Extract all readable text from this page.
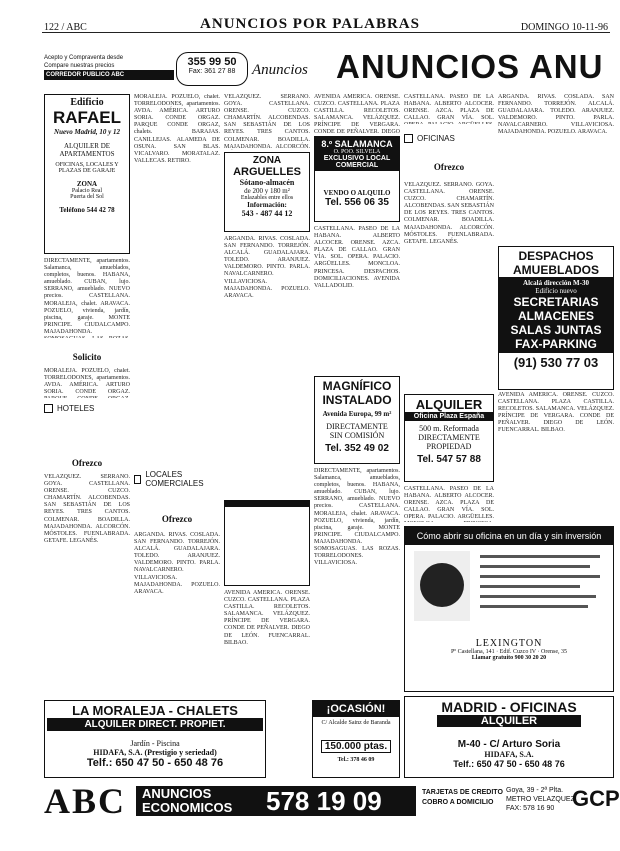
122 / ABC	ANUNCIOS POR PALABRAS	DOMINGO 10-11-96
Acepto y Compraventa desde
Compare nuestras precios
CORREDOR PUBLICO ABC
355 99 50
Fax: 361 27 88	Anuncios ANUNCIOS ANU
Edificio
RAFAEL
Nuevo Madrid, 10 y 12
ALQUILER DE
APARTAMENTOS
OFICINAS, LOCALES Y PLAZAS DE GARAJE
ZONA
Palacio Real
Puerta del Sol
Teléfono 544 42 78
DIRECTAMENTE, apartamentos. Salamanca, amueblados, completos, buenos. HABANA, amueblado. CUBAN, lujo. SERRANO, amueblado. NUEVO precios. CASTELLANA. MORALEJA, chalet. ARAVACA. POZUELO, vivienda, jardín, piscina, garaje. MONTE PRINCIPE. CIUDALCAMPO. MAJADAHONDA.
Solicito
MORALEJA. POZUELO, chalet. TORRELODONES, apartamentos. AVDA. AMÉRICA. ARTURO SORIA. CONDE ORGAZ.
HOTELES
Ofrezco
VELÁZQUEZ. SERRANO. GOYA. CASTELLANA. ORENSE. CUZCO. CHAMARTÍN. ALCOBENDAS. SAN SEBASTIÁN DE LOS REYES. TRES CANTOS. COLMENAR. BOADILLA. MAJADAHONDA. ALCORCÓN. MÓSTOLES. FUENLABRADA. GETAFE. LEGANÉS.
MORALEJA. POZUELO, chalet. TORRELODONES, apartamentos. AVDA. AMÉRICA. ARTURO SORIA. CONDE ORGAZ. PARQUE CONDE ORGAZ, chalets. BARAJAS. CANILLEJAS. ALAMEDA DE OSUNA. SAN BLAS. VICALVARO. MORATALAZ. VALLECAS. RETIRO.
LOCALES COMERCIALES
Ofrezco
ARGANDA. RIVAS. COSLADA. SAN FERNANDO. TORREJÓN. ALCALÁ. GUADALAJARA. TOLEDO. ARANJUEZ. VALDEMORO. PINTO. PARLA. NAVALCARNERO. VILLAVICIOSA. MAJADAHONDA. POZUELO. ARAVACA.
VELÁZQUEZ. SERRANO. GOYA. CASTELLANA. ORENSE. CUZCO. CHAMARTÍN. ALCOBENDAS. SAN SEBASTIÁN DE LOS REYES. TRES CANTOS. COLMENAR. BOADILLA. MAJADAHONDA. ALCORCÓN.
ZONA
ARGUELLES
Sótano-almacén
de 200 y 180 m²
Enlazables entre ellos
Información:
543 - 487 44 12
ARGANDA. RIVAS. COSLADA. SAN FERNANDO. TORREJÓN. ALCALÁ. GUADALAJARA. TOLEDO. ARANJUEZ. VALDEMORO. PINTO. PARLA. NAVALCARNERO. VILLAVICIOSA. MAJADAHONDA. POZUELO. ARAVACA.
AVENIDA AMÉRICA. ORENSE. CUZCO. CASTELLANA. PLAZA CASTILLA. RECOLETOS. SALAMANCA. VELÁZQUEZ. PRÍNCIPE DE VERGARA. CONDE DE PEÑALVER. DIEGO DE LEÓN. FUENCARRAL. BILBAO.
AVENIDA AMÉRICA. ORENSE. CUZCO. CASTELLANA. PLAZA CASTILLA. RECOLETOS. SALAMANCA. VELÁZQUEZ. PRÍNCIPE DE VERGARA. CONDE DE PEÑALVER. DIEGO
8.º SALAMANCA
O. POO. SILVELA
EXCLUSIVO LOCAL
COMERCIAL
VENDO O ALQUILO
Tel. 556 06 35
CASTELLANA. PASEO DE LA HABANA. ALBERTO ALCOCER. ORENSE. AZCA. PLAZA DE CALLAO. GRAN VÍA. SOL. OPERA. PALACIO. ARGÜELLES. MONCLOA. PRINCESA. DESPACHOS. DOMICILIACIONES. AVENIDA VALLADOLID.
MAGNÍFICO
INSTALADO
Avenida Europa, 99 m²
DIRECTAMENTE
SIN COMISIÓN
Tel. 352 49 02
DIRECTAMENTE, apartamentos. Salamanca, amueblados, completos, buenos. HABANA, amueblado. CUBAN, lujo. SERRANO, amueblado. NUEVO precios. CASTELLANA. MORALEJA, chalet. ARAVACA. POZUELO, vivienda, jardín, piscina, garaje. MONTE PRINCIPE. CIUDALCAMPO. MAJADAHONDA. SOMOSAGUAS. LAS ROZAS. TORRELODONES. VILLAVICIOSA.
CASTELLANA. PASEO DE LA HABANA. ALBERTO ALCOCER. ORENSE. AZCA. PLAZA DE CALLAO. GRAN VÍA. SOL.
OFICINAS
Ofrezco
VELÁZQUEZ. SERRANO. GOYA. CASTELLANA. ORENSE. CUZCO. CHAMARTÍN. ALCOBENDAS. SAN SEBASTIÁN DE LOS REYES. TRES CANTOS. COLMENAR. BOADILLA. MAJADAHONDA. ALCORCÓN. MÓSTOLES. FUENLABRADA. GETAFE. LEGANÉS.
ALQUILER
Oficina Plaza España
500 m. Reformada
DIRECTAMENTE
PROPIEDAD
Tel. 547 57 88
CASTELLANA. PASEO DE LA HABANA. ALBERTO ALCOCER. ORENSE. AZCA. PLAZA DE CALLAO. GRAN VÍA. SOL. OPERA. PALACIO. ARGÜELLES.
ARGANDA. RIVAS. COSLADA. SAN FERNANDO. TORREJÓN. ALCALÁ. GUADALAJARA. TOLEDO. ARANJUEZ. VALDEMORO. PINTO. PARLA. NAVALCARNERO. VILLAVICIOSA. MAJADAHONDA. POZUELO. ARAVACA.
DESPACHOS
AMUEBLADOS
Alcalá dirección M-30
Edificio nuevo
SECRETARIAS
ALMACENES
SALAS JUNTAS
FAX-PARKING
(91) 530 77 03
AVENIDA AMÉRICA. ORENSE. CUZCO. CASTELLANA. PLAZA CASTILLA. RECOLETOS. SALAMANCA. VELÁZQUEZ. PRÍNCIPE DE VERGARA. CONDE DE PEÑALVER. DIEGO DE LEÓN. FUENCARRAL. BILBAO.
Cómo abrir su oficina en un día y sin inversión
LEXINGTON
Pº Castellana, 141 · Edif. Cuzco IV · Orense, 35
Llamar gratuito 900 30 20 20
LA MORALEJA - CHALETS
ALQUILER DIRECT. PROPIET.
Jardín - Piscina
HIDAFA, S.A. (Prestigio y seriedad)
Telf.: 650 47 50 - 650 48 76
¡OCASIÓN!
C/ Alcalde Sainz de Baranda
150.000 ptas.
Tel.: 378 46 09
MADRID - OFICINAS
ALQUILER
M-40 - C/ Arturo Soria
HIDAFA, S.A.
Telf.: 650 47 50 - 650 48 76
ABC ANUNCIOS
ECONOMICOS 578 19 09	TARJETAS DE CREDITO
COBRO A DOMICILIO
Goya, 39 - 2ª Plta.
METRO VELAZQUEZ
FAX: 578 16 90 GCP
